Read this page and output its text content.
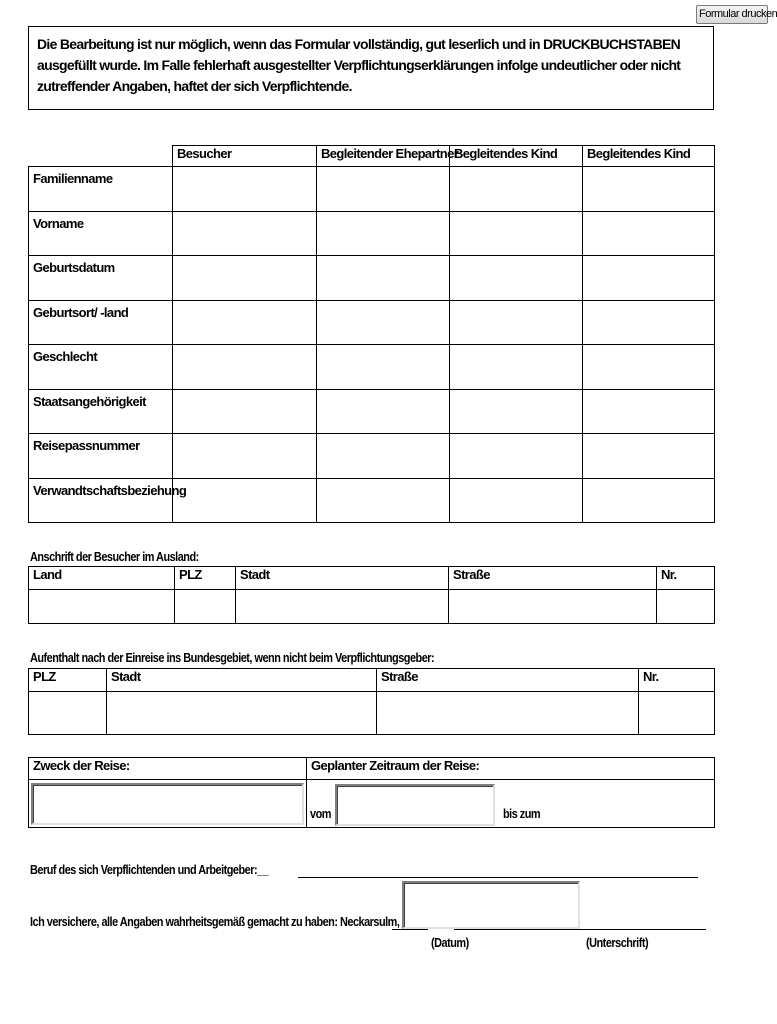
Formular drucken

Die Bearbeitung ist nur möglich, wenn das Formular vollständig, gut leserlich und in DRUCKBUCHSTABEN ausgefüllt wurde. Im Falle fehlerhaft ausgestellter Verpflichtungserklärungen infolge undeutlicher oder nicht zutreffender Angaben, haftet der sich Verpflichtende.

	Besucher	Begleitender Ehepartner	Begleitendes Kind	Begleitendes Kind
Familienname				
Vorname				
Geburtsdatum				
Geburtsort/ -land				
Geschlecht				
Staatsangehörigkeit				
Reisepassnummer				
Verwandtschaftsbeziehung				
Anschrift der Besucher im Ausland:
Land	PLZ	Stadt	Straße	Nr.

Aufenthalt nach der Einreise ins Bundesgebiet, wenn nicht beim Verpflichtungsgeber:
PLZ	Stadt	Straße	Nr.

Zweck der Reise:	Geplanter Zeitraum der Reise:

vom bis zum
Beruf des sich Verpflichtenden und Arbeitgeber:__
Ich versichere, alle Angaben wahrheitsgemäß gemacht zu haben: Neckarsulm,
(Datum)	(Unterschrift)
